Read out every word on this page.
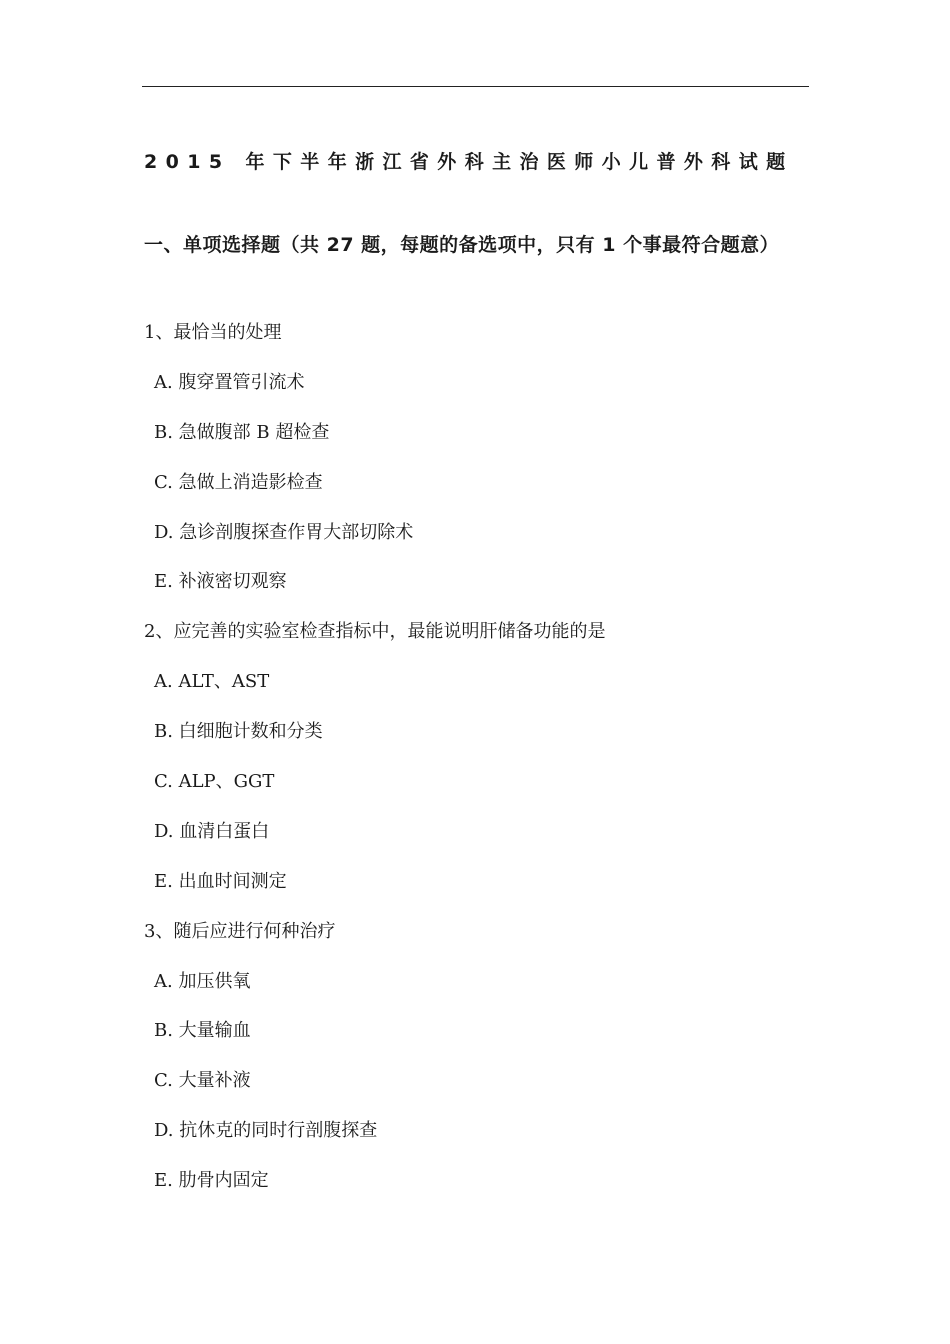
2015 年下半年浙江省外科主治医师小儿普外科试题
一、单项选择题（共 27 题，每题的备选项中，只有 1 个事最符合题意）
1、最恰当的处理
A. 腹穿置管引流术
B. 急做腹部 B 超检查
C. 急做上消造影检查
D. 急诊剖腹探查作胃大部切除术
E. 补液密切观察
2、应完善的实验室检查指标中，最能说明肝储备功能的是
A. ALT、AST
B. 白细胞计数和分类
C. ALP、GGT
D. 血清白蛋白
E. 出血时间测定
3、随后应进行何种治疗
A. 加压供氧
B. 大量输血
C. 大量补液
D. 抗休克的同时行剖腹探查
E. 肋骨内固定
